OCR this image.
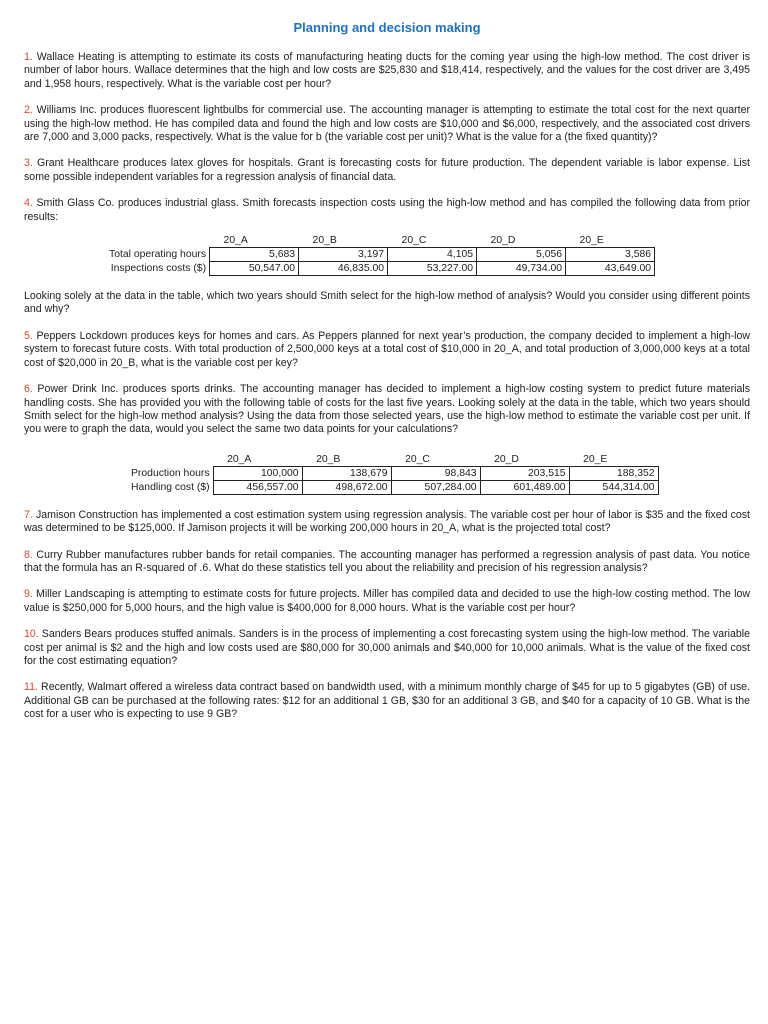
Planning and decision making

1. Wallace Heating is attempting to estimate its costs of manufacturing heating ducts for the coming year using the high-low method. The cost driver is number of labor hours. Wallace determines that the high and low costs are $25,830 and $18,414, respectively, and the values for the cost driver are 3,495 and 1,958 hours, respectively. What is the variable cost per hour?

2. Williams Inc. produces fluorescent lightbulbs for commercial use. The accounting manager is attempting to estimate the total cost for the next quarter using the high-low method. He has compiled data and found the high and low costs are $10,000 and $6,000, respectively, and the associated cost drivers are 7,000 and 3,000 packs, respectively. What is the value for b (the variable cost per unit)? What is the value for a (the fixed quantity)?

3. Grant Healthcare produces latex gloves for hospitals. Grant is forecasting costs for future production. The dependent variable is labor expense. List some possible independent variables for a regression analysis of financial data.

4. Smith Glass Co. produces industrial glass. Smith forecasts inspection costs using the high-low method and has compiled the following data from prior results:

	20_A	20_B	20_C	20_D	20_E
Total operating hours	5,683	3,197	4,105	5,056	3,586
Inspections costs ($)	50,547.00	46,835.00	53,227.00	49,734.00	43,649.00

Looking solely at the data in the table, which two years should Smith select for the high-low method of analysis? Would you consider using different points and why?

5. Peppers Lockdown produces keys for homes and cars. As Peppers planned for next year’s production, the company decided to implement a high-low system to forecast future costs. With total production of 2,500,000 keys at a total cost of $10,000 in 20_A, and total production of 3,000,000 keys at a total cost of $20,000 in 20_B, what is the variable cost per key?

6. Power Drink Inc. produces sports drinks. The accounting manager has decided to implement a high-low costing system to predict future materials handling costs. She has provided you with the following table of costs for the last five years. Looking solely at the data in the table, which two years should Smith select for the high-low method analysis? Using the data from those selected years, use the high-low method to estimate the variable cost per unit. If you were to graph the data, would you select the same two data points for your calculations?

	20_A	20_B	20_C	20_D	20_E
Production hours	100,000	138,679	98,843	203,515	188,352
Handling cost ($)	456,557.00	498,672.00	507,284.00	601,489.00	544,314.00

7. Jamison Construction has implemented a cost estimation system using regression analysis. The variable cost per hour of labor is $35 and the fixed cost was determined to be $125,000. If Jamison projects it will be working 200,000 hours in 20_A, what is the projected total cost?

8. Curry Rubber manufactures rubber bands for retail companies. The accounting manager has performed a regression analysis of past data. You notice that the formula has an R-squared of .6. What do these statistics tell you about the reliability and precision of his regression analysis?

9. Miller Landscaping is attempting to estimate costs for future projects. Miller has compiled data and decided to use the high-low costing method. The low value is $250,000 for 5,000 hours, and the high value is $400,000 for 8,000 hours. What is the variable cost per hour?

10. Sanders Bears produces stuffed animals. Sanders is in the process of implementing a cost forecasting system using the high-low method. The variable cost per animal is $2 and the high and low costs used are $80,000 for 30,000 animals and $40,000 for 10,000 animals. What is the value of the fixed cost for the cost estimating equation?

11. Recently, Walmart offered a wireless data contract based on bandwidth used, with a minimum monthly charge of $45 for up to 5 gigabytes (GB) of use. Additional GB can be purchased at the following rates: $12 for an additional 1 GB, $30 for an additional 3 GB, and $40 for a capacity of 10 GB. What is the cost for a user who is expecting to use 9 GB?
